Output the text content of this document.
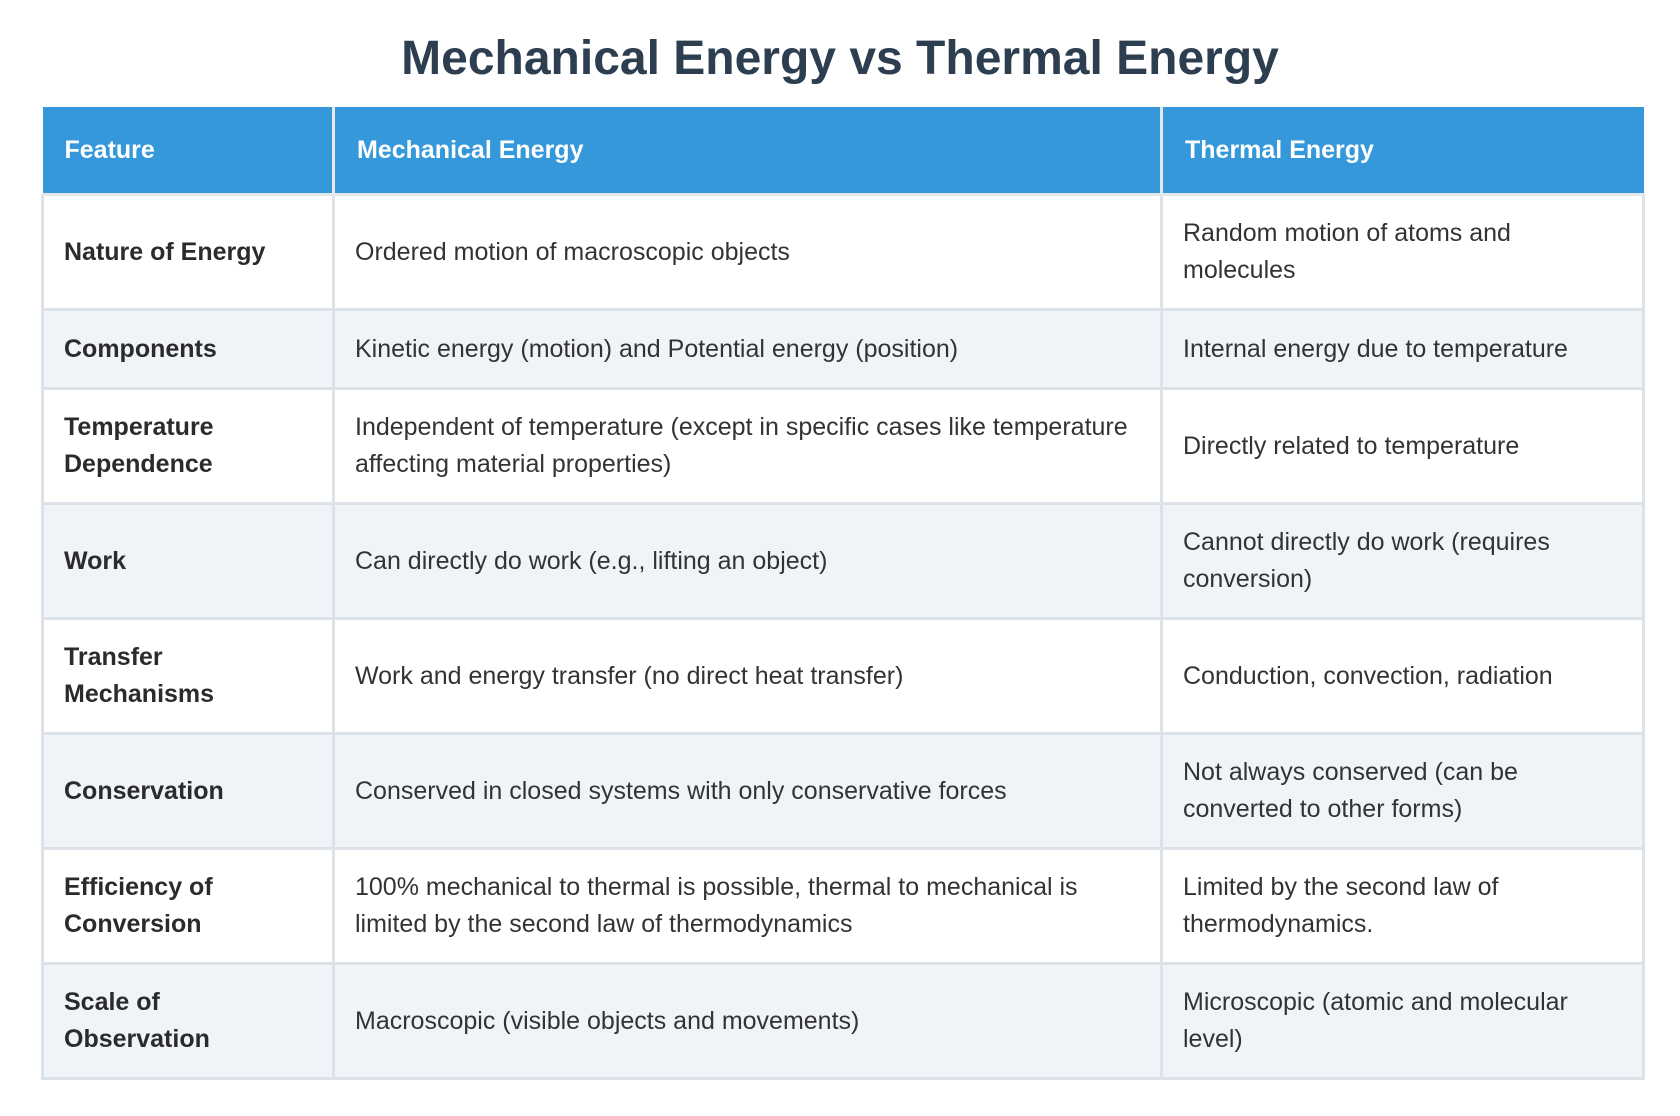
Mechanical Energy vs Thermal Energy
Feature	Mechanical Energy	Thermal Energy
Nature of Energy	Ordered motion of macroscopic objects	Random motion of atoms and molecules
Components	Kinetic energy (motion) and Potential energy (position)	Internal energy due to temperature
Temperature Dependence	Independent of temperature (except in specific cases like temperature affecting material properties)	Directly related to temperature
Work	Can directly do work (e.g., lifting an object)	Cannot directly do work (requires conversion)
Transfer Mechanisms	Work and energy transfer (no direct heat transfer)	Conduction, convection, radiation
Conservation	Conserved in closed systems with only conservative forces	Not always conserved (can be converted to other forms)
Efficiency of Conversion	100% mechanical to thermal is possible, thermal to mechanical is limited by the second law of thermodynamics	Limited by the second law of thermodynamics.
Scale of Observation	Macroscopic (visible objects and movements)	Microscopic (atomic and molecular level)
